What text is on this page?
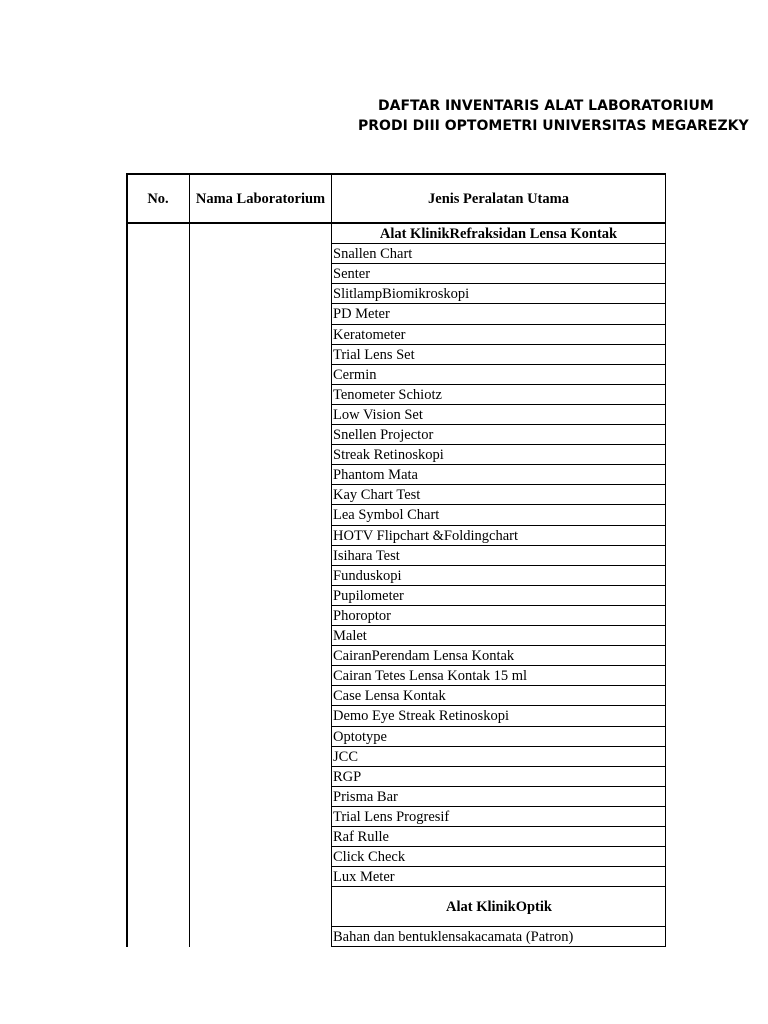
DAFTAR INVENTARIS ALAT LABORATORIUM
PRODI DIII OPTOMETRI UNIVERSITAS MEGAREZKY
No.	Nama Laboratorium	Jenis Peralatan Utama
Alat KlinikRefraksidan Lensa Kontak
Snallen Chart
Senter
SlitlampBiomikroskopi
PD Meter
Keratometer
Trial Lens Set
Cermin
Tenometer Schiotz
Low Vision Set
Snellen Projector
Streak Retinoskopi
Phantom Mata
Kay Chart Test
Lea Symbol Chart
HOTV Flipchart &Foldingchart
Isihara Test
Funduskopi
Pupilometer
Phoroptor
Malet
CairanPerendam Lensa Kontak
Cairan Tetes Lensa Kontak 15 ml
Case Lensa Kontak
Demo Eye Streak Retinoskopi
Optotype
JCC
RGP
Prisma Bar
Trial Lens Progresif
Raf Rulle
Click Check
Lux Meter
Alat KlinikOptik
Bahan dan bentuklensakacamata (Patron)
